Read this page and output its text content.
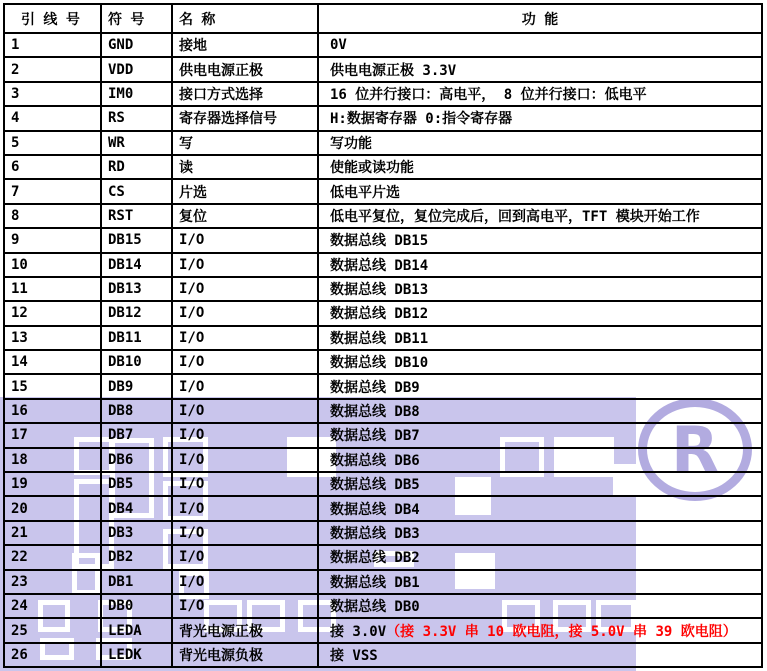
R
引 线 号	符 号	名 称	功 能
1	GND	接地	0V
2	VDD	供电电源正极	供电电源正极 3.3V
3	IM0	接口方式选择	16 位并行接口：高电平， 8 位并行接口：低电平
4	RS	寄存器选择信号	H:数据寄存器 0:指令寄存器
5	WR	写	写功能
6	RD	读	使能或读功能
7	CS	片选	低电平片选
8	RST	复位	低电平复位，复位完成后，回到高电平，TFT 模块开始工作
9	DB15	I/O	数据总线 DB15
10	DB14	I/O	数据总线 DB14
11	DB13	I/O	数据总线 DB13
12	DB12	I/O	数据总线 DB12
13	DB11	I/O	数据总线 DB11
14	DB10	I/O	数据总线 DB10
15	DB9	I/O	数据总线 DB9
16	DB8	I/O	数据总线 DB8
17	DB7	I/O	数据总线 DB7
18	DB6	I/O	数据总线 DB6
19	DB5	I/O	数据总线 DB5
20	DB4	I/O	数据总线 DB4
21	DB3	I/O	数据总线 DB3
22	DB2	I/O	数据总线 DB2
23	DB1	I/O	数据总线 DB1
24	DB0	I/O	数据总线 DB0
25	LEDA	背光电源正极	接 3.0V（接 3.3V 串 10 欧电阻，接 5.0V 串 39 欧电阻）
26	LEDK	背光电源负极	接 VSS
